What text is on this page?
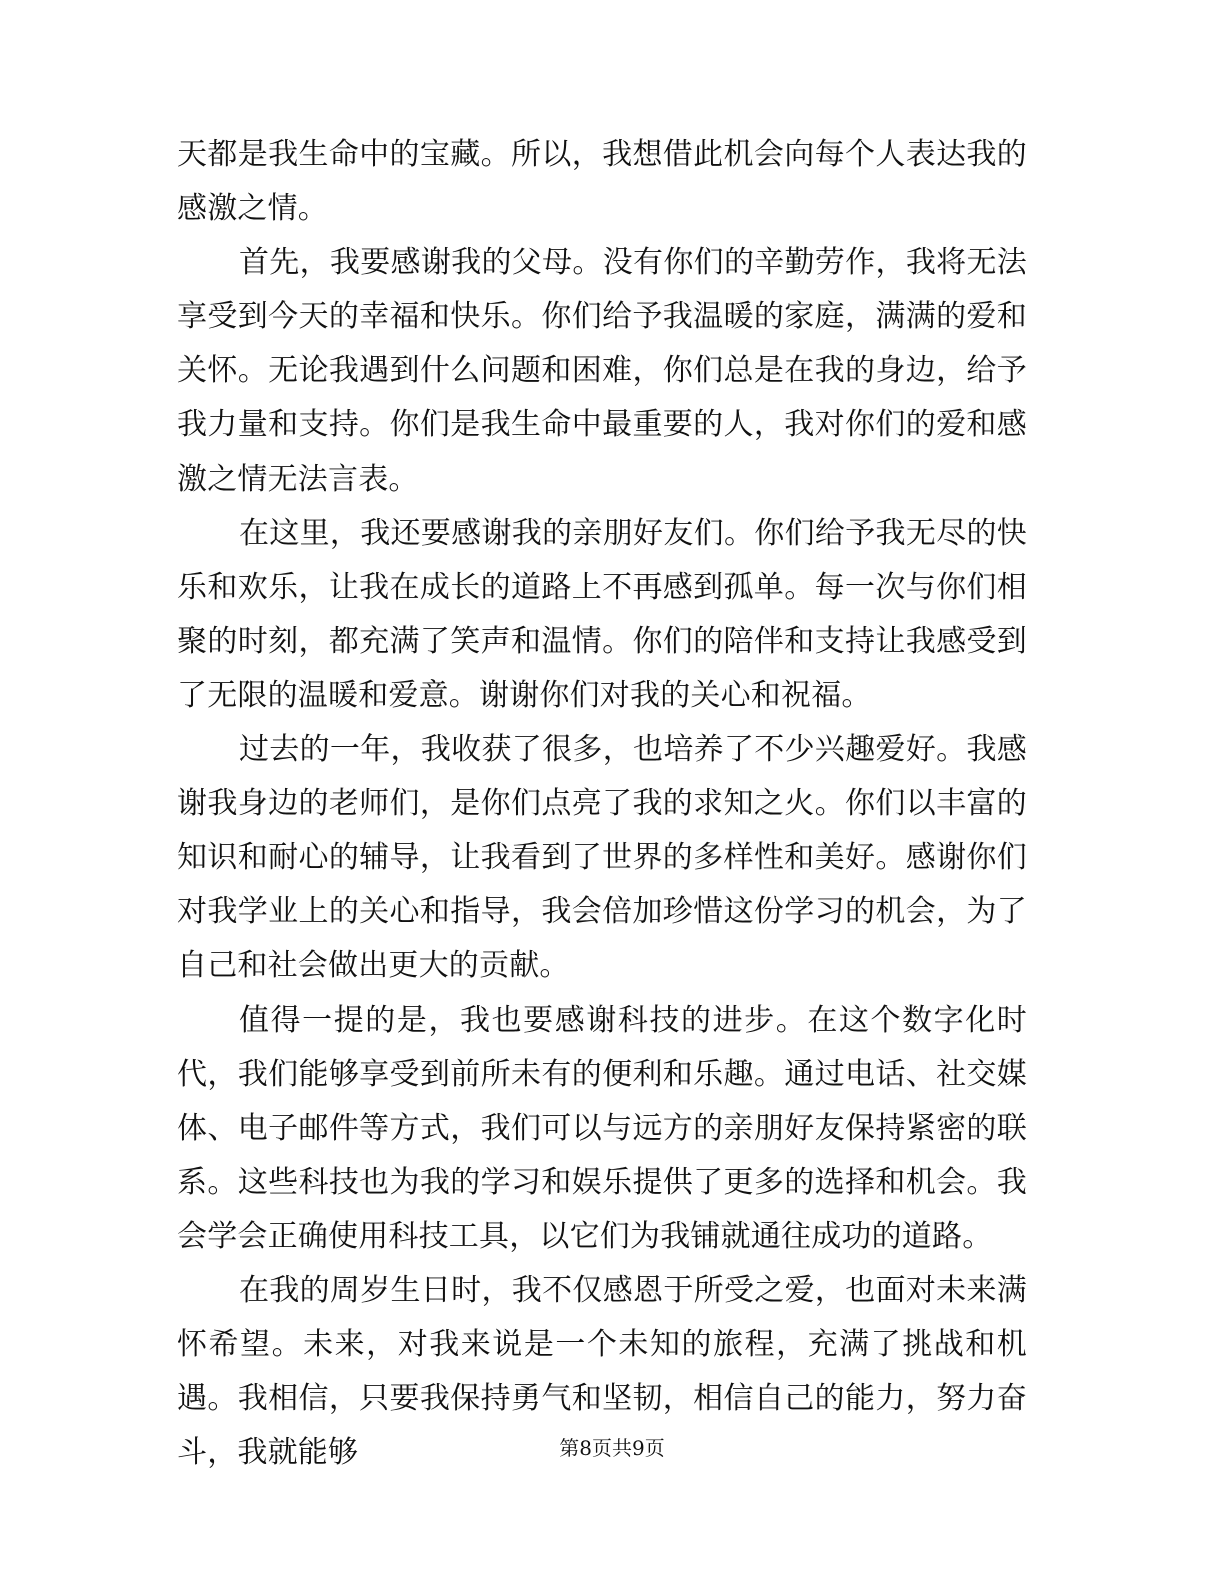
天都是我生命中的宝藏。所以，我想借此机会向每个人表达我的感激之情。

首先，我要感谢我的父母。没有你们的辛勤劳作，我将无法享受到今天的幸福和快乐。你们给予我温暖的家庭，满满的爱和关怀。无论我遇到什么问题和困难，你们总是在我的身边，给予我力量和支持。你们是我生命中最重要的人，我对你们的爱和感激之情无法言表。

在这里，我还要感谢我的亲朋好友们。你们给予我无尽的快乐和欢乐，让我在成长的道路上不再感到孤单。每一次与你们相聚的时刻，都充满了笑声和温情。你们的陪伴和支持让我感受到了无限的温暖和爱意。谢谢你们对我的关心和祝福。

过去的一年，我收获了很多，也培养了不少兴趣爱好。我感谢我身边的老师们，是你们点亮了我的求知之火。你们以丰富的知识和耐心的辅导，让我看到了世界的多样性和美好。感谢你们对我学业上的关心和指导，我会倍加珍惜这份学习的机会，为了自己和社会做出更大的贡献。

值得一提的是，我也要感谢科技的进步。在这个数字化时代，我们能够享受到前所未有的便利和乐趣。通过电话、社交媒体、电子邮件等方式，我们可以与远方的亲朋好友保持紧密的联系。这些科技也为我的学习和娱乐提供了更多的选择和机会。我会学会正确使用科技工具，以它们为我铺就通往成功的道路。

在我的周岁生日时，我不仅感恩于所受之爱，也面对未来满怀希望。未来，对我来说是一个未知的旅程，充满了挑战和机遇。我相信，只要我保持勇气和坚韧，相信自己的能力，努力奋斗，我就能够	第8页共9页
